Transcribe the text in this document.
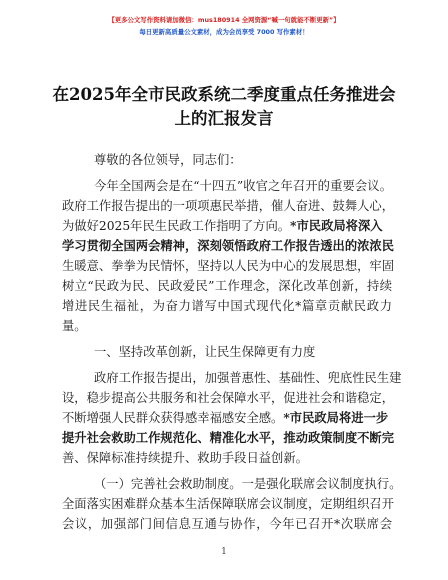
【更多公文写作资料请加微信：mus180914 全网资源“喊一句就能不断更新”】
每日更新高质量公文素材，成为会员享受 7000 写作素材！
在2025年全市民政系统二季度重点任务推进会
上的汇报发言
尊敬的各位领导，同志们：
今年全国两会是在“十四五”收官之年召开的重要会议。
政府工作报告提出的一项项惠民举措，催人奋进、鼓舞人心，
为做好2025年民生民政工作指明了方向。*市民政局将深入
学习贯彻全国两会精神，深刻领悟政府工作报告透出的浓浓民
生暖意、拳拳为民情怀，坚持以人民为中心的发展思想，牢固
树立“民政为民、民政爱民”工作理念，深化改革创新，持续
增进民生福祉，为奋力谱写中国式现代化*篇章贡献民政力
量。
一、坚持改革创新，让民生保障更有力度
政府工作报告提出，加强普惠性、基础性、兜底性民生建
设，稳步提高公共服务和社会保障水平，促进社会和谐稳定，
不断增强人民群众获得感幸福感安全感。*市民政局将进一步
提升社会救助工作规范化、精准化水平，推动政策制度不断完
善、保障标准持续提升、救助手段日益创新。
（一）完善社会救助制度。一是强化联席会议制度执行。
全面落实困难群众基本生活保障联席会议制度，定期组织召开
会议，加强部门间信息互通与协作，今年已召开*次联席会
1
